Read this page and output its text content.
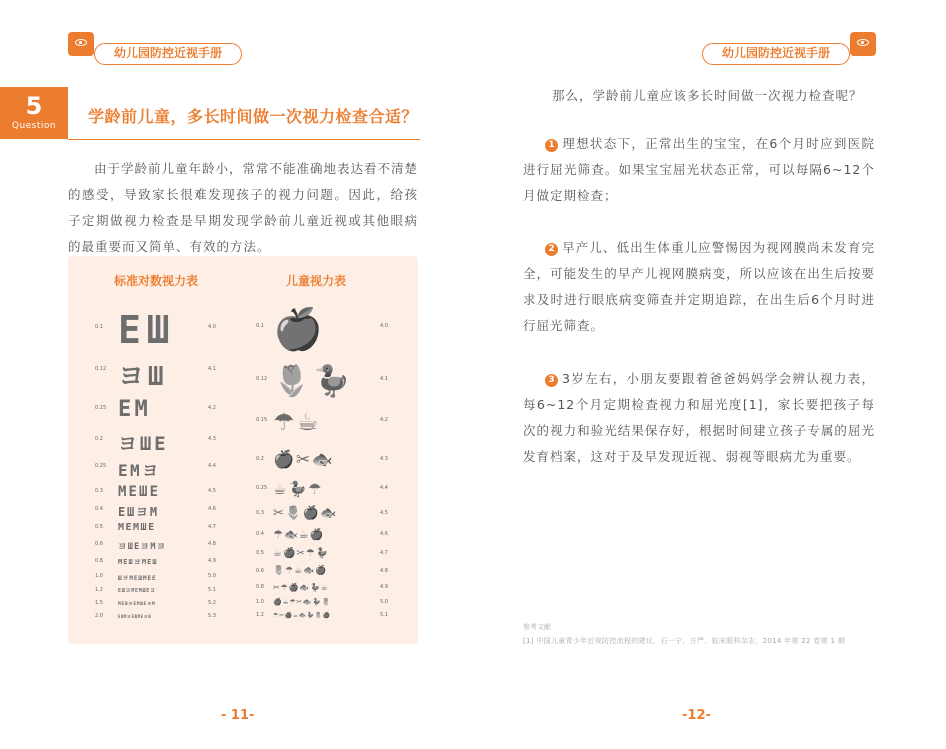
幼儿园防控近视手册
5
Question	学龄前儿童，多长时间做一次视力检查合适？
由于学龄前儿童年龄小，常常不能准确地表达看不清楚的感受，导致家长很难发现孩子的视力问题。因此，给孩子定期做视力检查是早期发现学龄前儿童近视或其他眼病的最重要而又简单、有效的方法。
标准对数视力表	儿童视力表
0.1 EШ	4.0
0.12 ヨШ	4.1
0.15 EM	4.2
0.2 ヨШE	4.3
0.25 EMヨ	4.4
0.3 MEШE	4.5
0.4 EШヨM	4.6
0.5 MEMШE	4.7
0.6 ヨШEヨMヨ	4.8
0.8 MEШヨMEШ	4.9
1.0	ШヨMEШMEE	5.0
1.2	EШヨMEMШEヨ	5.1
1.5	MEШヨEMШEヨM	5.2
2.0	EШMヨEШMEヨШ	5.3
0.1 🍎	4.0
0.12 🌷🦆	4.1
0.15 ☂☕	4.2
0.2 🍎✂🐟	4.3
0.25 ☕🦆☂	4.4
0.3 ✂🌷🍎🐟	4.5
0.4 ☂🐟☕🍎	4.6
0.5 ☕🍎✂☂🦆	4.7
0.6 🌷☂☕🐟🍎	4.8
0.8 ✂☂🍎🐟🦆☕	4.9
1.0 🍎☕☂✂🐟🦆🌷	5.0
1.2 ☂✂🍎☕🐟🦆🌷🍎	5.1
- 11-
幼儿园防控近视手册
那么，学龄前儿童应该多长时间做一次视力检查呢？
1 理想状态下，正常出生的宝宝，在6个月时应到医院进行屈光筛查。如果宝宝屈光状态正常，可以每隔6~12个月做定期检查；
2 早产儿、低出生体重儿应警惕因为视网膜尚未发育完全，可能发生的早产儿视网膜病变，所以应该在出生后按要求及时进行眼底病变筛查并定期追踪，在出生后6个月时进行屈光筛查。
3 3岁左右，小朋友要跟着爸爸妈妈学会辨认视力表，每6~12个月定期检查视力和屈光度[1]，家长要把孩子每次的视力和验光结果保存好，根据时间建立孩子专属的屈光发育档案，这对于及早发现近视、弱视等眼病尤为重要。
参考文献
[1] 中国儿童青少年近视防控流程的建议．石一宁，方严．临床眼科杂志，2014 年第 22 卷第 1 期
-12-
